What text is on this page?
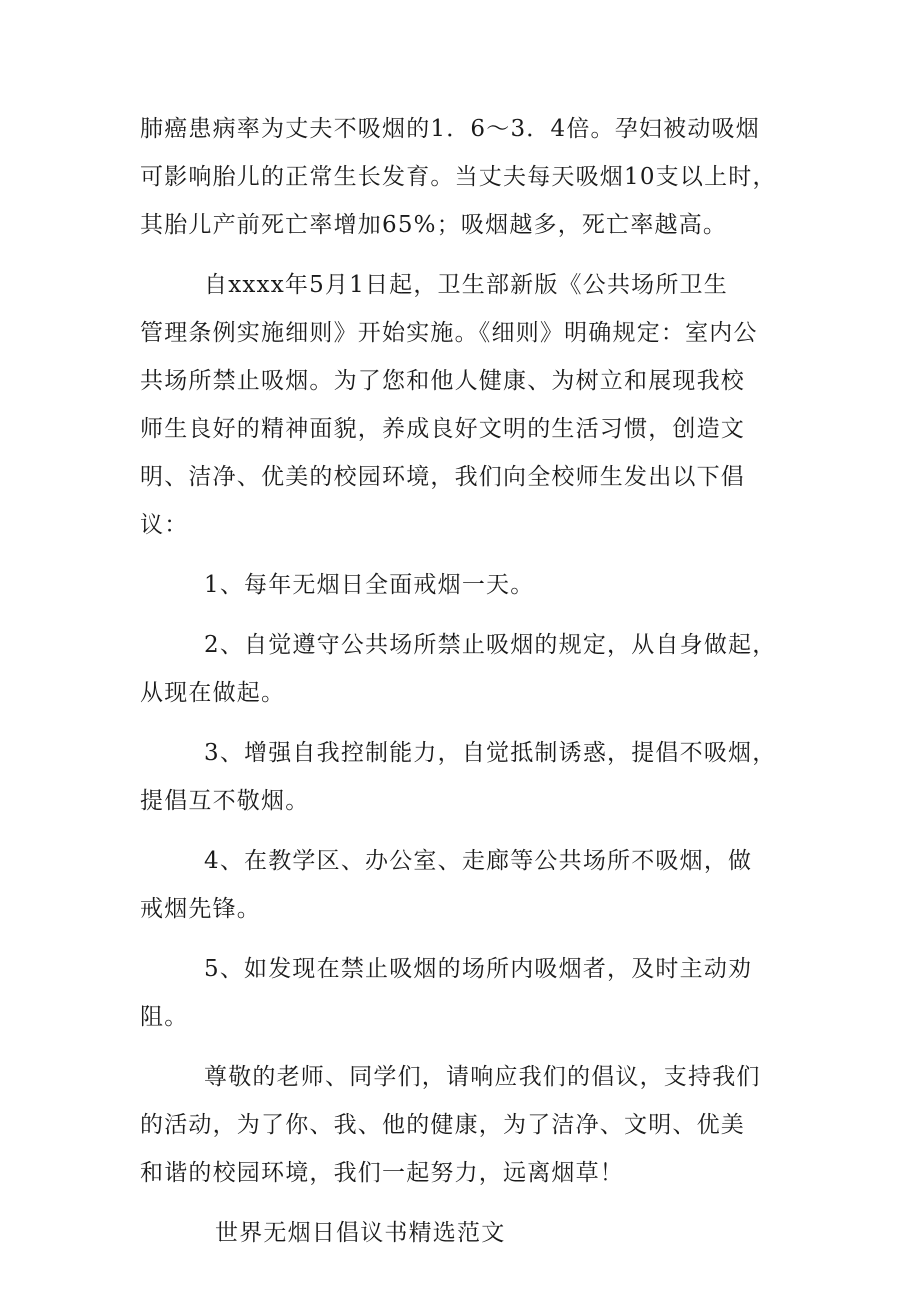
肺癌患病率为丈夫不吸烟的1．6～3．4倍。孕妇被动吸烟
可影响胎儿的正常生长发育。当丈夫每天吸烟10支以上时，
其胎儿产前死亡率增加65%；吸烟越多，死亡率越高。
自xxxx年5月1日起，卫生部新版《公共场所卫生
管理条例实施细则》开始实施。《细则》明确规定：室内公
共场所禁止吸烟。为了您和他人健康、为树立和展现我校
师生良好的精神面貌，养成良好文明的生活习惯，创造文
明、洁净、优美的校园环境，我们向全校师生发出以下倡
议：
1、每年无烟日全面戒烟一天。
2、自觉遵守公共场所禁止吸烟的规定，从自身做起，
从现在做起。
3、增强自我控制能力，自觉抵制诱惑，提倡不吸烟，
提倡互不敬烟。
4、在教学区、办公室、走廊等公共场所不吸烟，做
戒烟先锋。
5、如发现在禁止吸烟的场所内吸烟者，及时主动劝
阻。
尊敬的老师、同学们，请响应我们的倡议，支持我们
的活动，为了你、我、他的健康，为了洁净、文明、优美
和谐的校园环境，我们一起努力，远离烟草！
世界无烟日倡议书精选范文
